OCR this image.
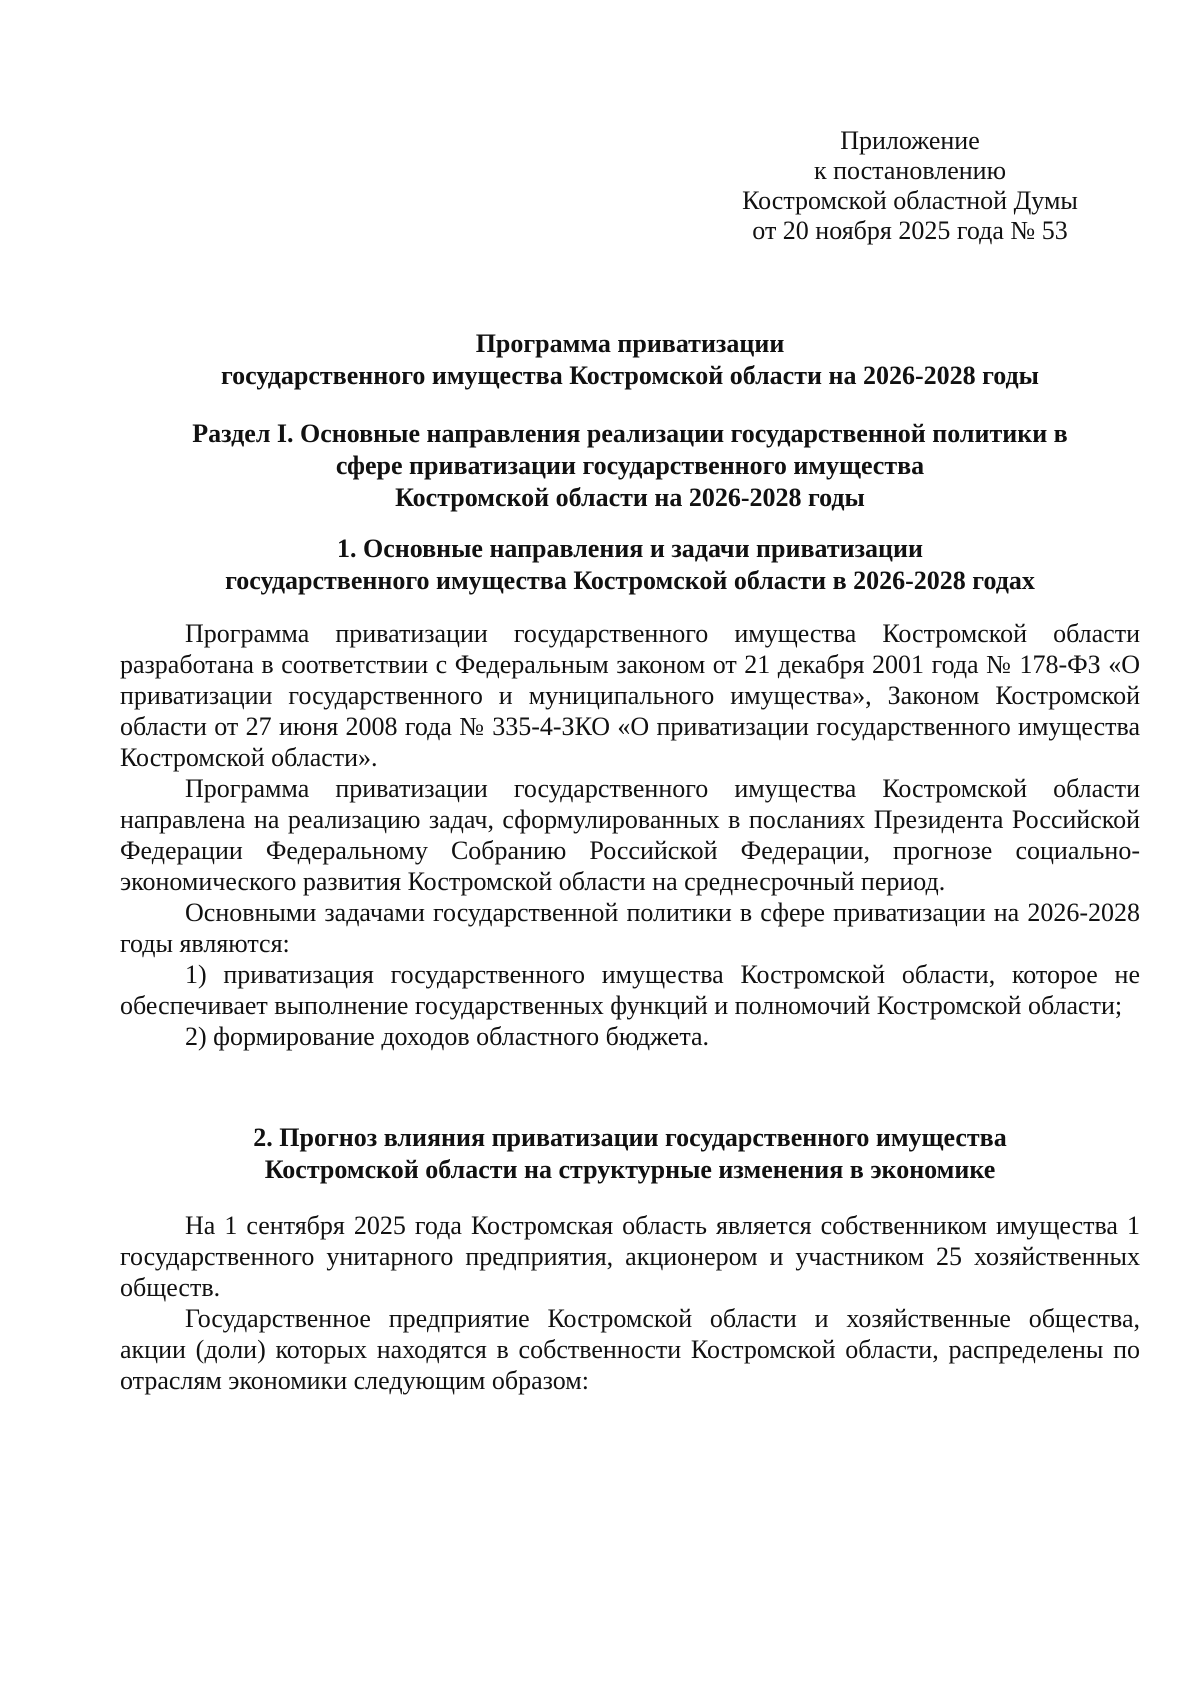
Приложение
к постановлению
Костромской областной Думы
от 20 ноября 2025 года № 53
Программа приватизации
государственного имущества Костромской области на 2026-2028 годы
Раздел I. Основные направления реализации государственной политики в
сфере приватизации государственного имущества
Костромской области на 2026-2028 годы
1. Основные направления и задачи приватизации
государственного имущества Костромской области в 2026-2028 годах

Программа приватизации государственного имущества Костромской области разработана в соответствии с Федеральным законом от 21 декабря 2001 года № 178-ФЗ «О приватизации государственного и муниципального имущества», Законом Костромской области от 27 июня 2008 года № 335-4-ЗКО «О приватизации государственного имущества Костромской области».

Программа приватизации государственного имущества Костромской области направлена на реализацию задач, сформулированных в посланиях Президента Российской Федерации Федеральному Собранию Российской Федерации, прогнозе социально-экономического развития Костромской области на среднесрочный период.

Основными задачами государственной политики в сфере приватизации на 2026-2028 годы являются:

1) приватизация государственного имущества Костромской области, которое не обеспечивает выполнение государственных функций и полномочий Костромской области;

2) формирование доходов областного бюджета.

2. Прогноз влияния приватизации государственного имущества
Костромской области на структурные изменения в экономике

На 1 сентября 2025 года Костромская область является собственником имущества 1 государственного унитарного предприятия, акционером и участником 25 хозяйственных обществ.

Государственное предприятие Костромской области и хозяйственные общества, акции (доли) которых находятся в собственности Костромской области, распределены по отраслям экономики следующим образом:
